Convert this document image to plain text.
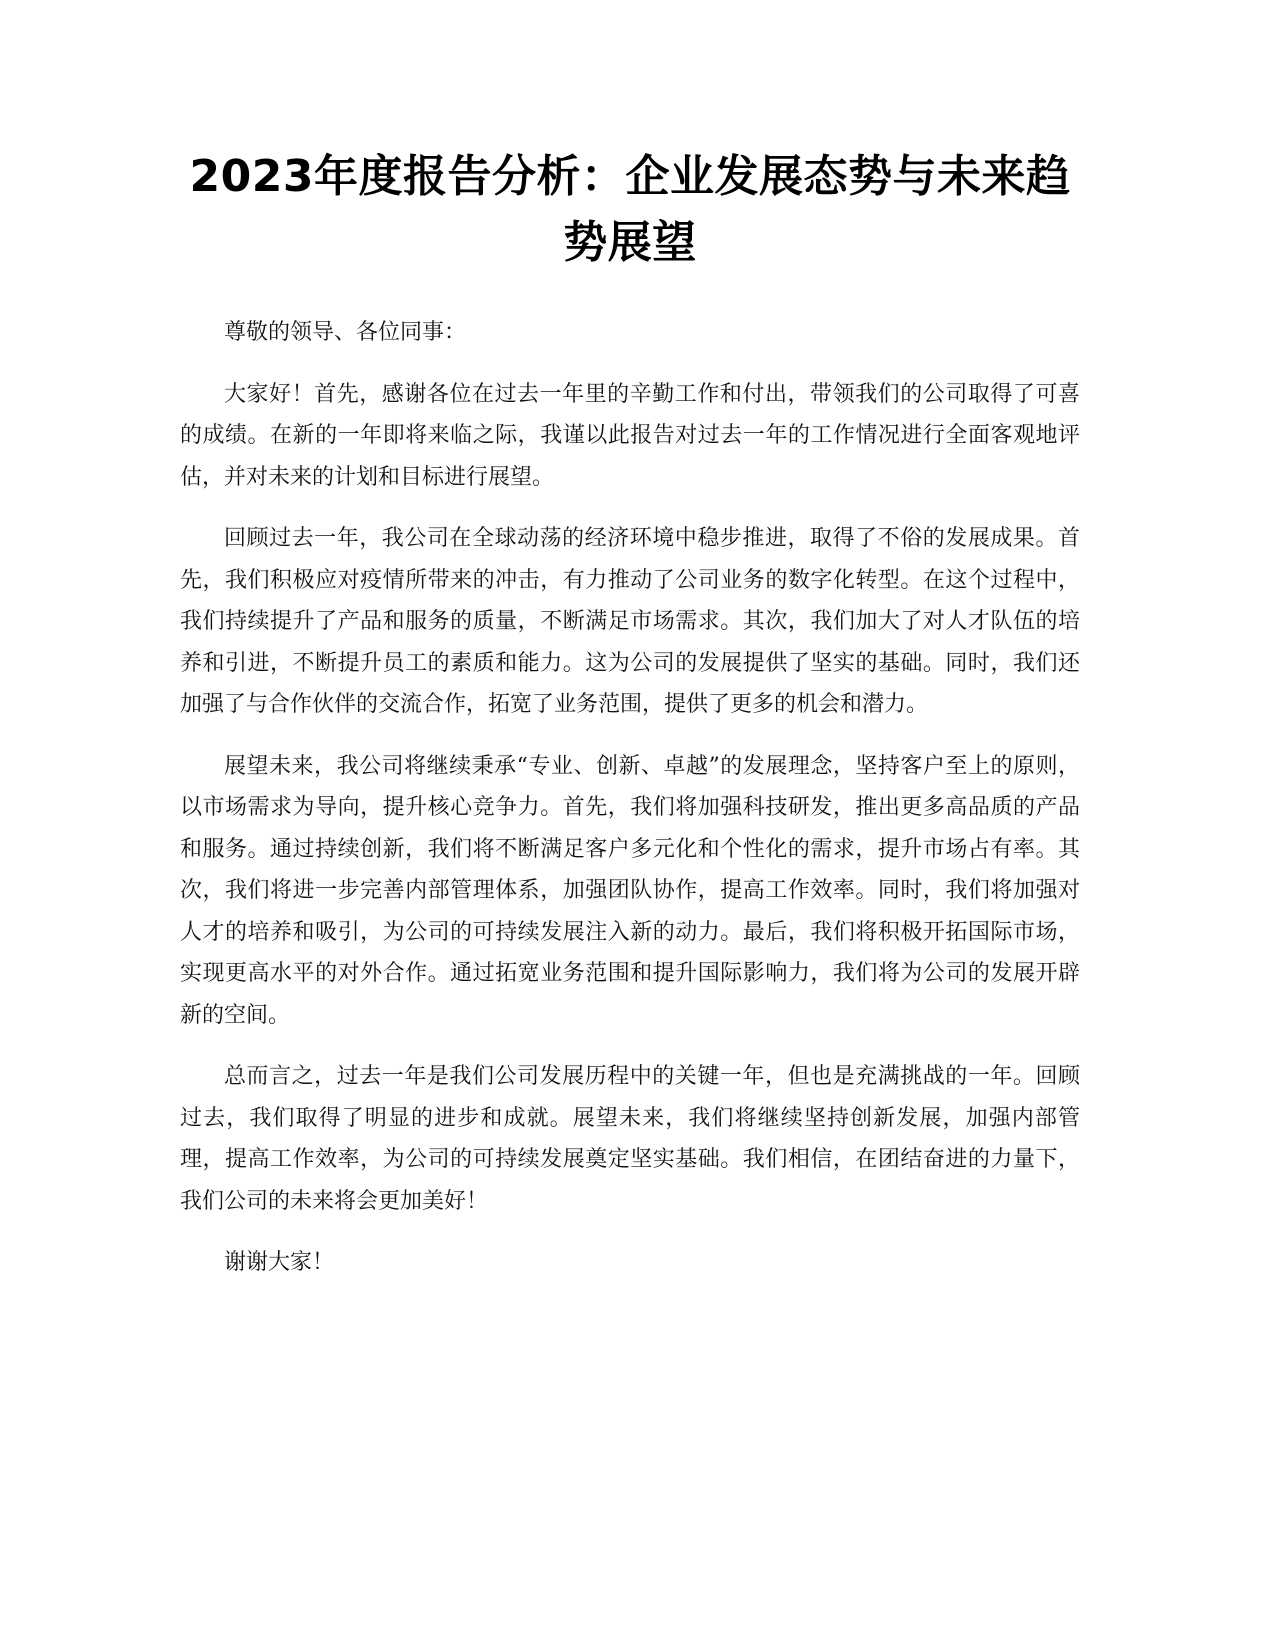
2023年度报告分析：企业发展态势与未来趋势展望

尊敬的领导、各位同事：

大家好！首先，感谢各位在过去一年里的辛勤工作和付出，带领我们的公司取得了可喜的成绩。在新的一年即将来临之际，我谨以此报告对过去一年的工作情况进行全面客观地评估，并对未来的计划和目标进行展望。

回顾过去一年，我公司在全球动荡的经济环境中稳步推进，取得了不俗的发展成果。首先，我们积极应对疫情所带来的冲击，有力推动了公司业务的数字化转型。在这个过程中，我们持续提升了产品和服务的质量，不断满足市场需求。其次，我们加大了对人才队伍的培养和引进，不断提升员工的素质和能力。这为公司的发展提供了坚实的基础。同时，我们还加强了与合作伙伴的交流合作，拓宽了业务范围，提供了更多的机会和潜力。

展望未来，我公司将继续秉承“专业、创新、卓越”的发展理念，坚持客户至上的原则，以市场需求为导向，提升核心竞争力。首先，我们将加强科技研发，推出更多高品质的产品和服务。通过持续创新，我们将不断满足客户多元化和个性化的需求，提升市场占有率。其次，我们将进一步完善内部管理体系，加强团队协作，提高工作效率。同时，我们将加强对人才的培养和吸引，为公司的可持续发展注入新的动力。最后，我们将积极开拓国际市场，实现更高水平的对外合作。通过拓宽业务范围和提升国际影响力，我们将为公司的发展开辟新的空间。

总而言之，过去一年是我们公司发展历程中的关键一年，但也是充满挑战的一年。回顾过去，我们取得了明显的进步和成就。展望未来，我们将继续坚持创新发展，加强内部管理，提高工作效率，为公司的可持续发展奠定坚实基础。我们相信，在团结奋进的力量下，我们公司的未来将会更加美好！

谢谢大家！
